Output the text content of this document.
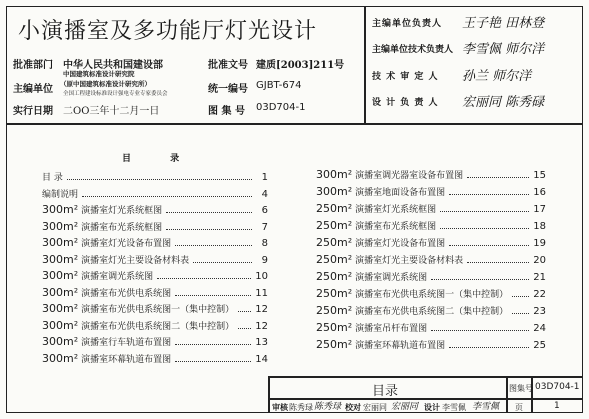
小演播室及多功能厅灯光设计
批准部门 中华人民共和国建设部
中国建筑标准设计研究院
主编单位 （原中国建筑标准设计研究所）
全国工程建设标准设计强电专业专家委员会
实行日期 二OO三年十二月一日
批准文号 建质[2003]211号
统一编号 GJBT-674
图 集 号 03D704-1
主编单位负责人 王子艳 田林登
主编单位技术负责人 李雪佩 师尔洋
技 术 审 定 人 孙兰 师尔洋
设 计 负 责 人 宏丽同 陈秀碌
目 录
目 录	1
编制说明	4
300m² 演播室灯光系统框图	6
300m² 演播室布光系统框图	7
300m² 演播室灯光设备布置图	8
300m² 演播室灯光主要设备材料表	9
300m² 演播室调光系统图	10
300m² 演播室布光供电系统图	11
300m² 演播室布光供电系统图一（集中控制） 12
300m² 演播室布光供电系统图二（集中控制） 12
300m² 演播室行车轨道布置图	13
300m² 演播室环幕轨道布置图	14
300m² 演播室调光器室设备布置图	15
300m² 演播室地面设备布置图	16
250m² 演播室灯光系统框图	17
250m² 演播室布光系统框图	18
250m² 演播室灯光设备布置图	19
250m² 演播室灯光主要设备材料表	20
250m² 演播室调光系统图	21
250m² 演播室布光供电系统图一（集中控制）	22
250m² 演播室布光供电系统图二（集中控制）	23
250m² 演播室吊杆布置图	24
250m² 演播室环幕轨道布置图	25
目录	图集号 03D704-1
审核 陈秀琭 陈秀琭 校对 宏丽同 宏丽同 设计 李雪佩 李雪佩 页	1
